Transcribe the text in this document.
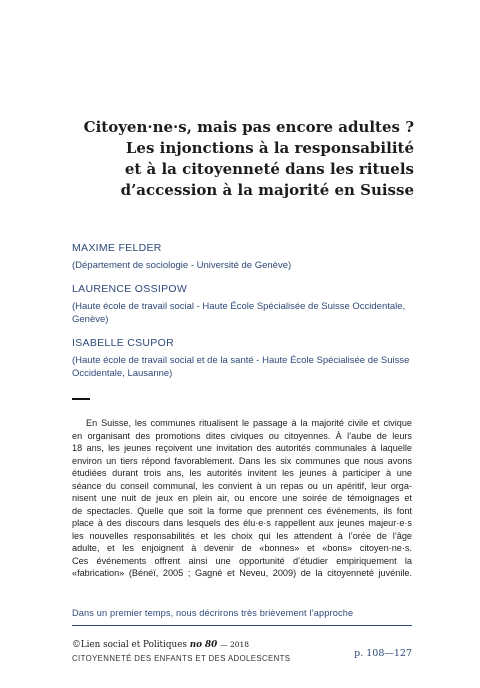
Citoyen·ne·s, mais pas encore adultes ?
Les injonctions à la responsabilité
et à la citoyenneté dans les rituels
d’accession à la majorité en Suisse
MAXIME FELDER
(Département de sociologie - Université de Genève)
LAURENCE OSSIPOW
(Haute école de travail social - Haute École Spécialisée de Suisse Occidentale, Genève)
ISABELLE CSUPOR
(Haute école de travail social et de la santé - Haute École Spécialisée de Suisse Occidentale, Lausanne)
En Suisse, les communes ritualisent le passage à la majorité civile et civique
en organisant des promotions dites civiques ou citoyennes. À l’aube de leurs
18 ans, les jeunes reçoivent une invitation des autorités communales à laquelle
environ un tiers répond favorablement. Dans les six communes que nous avons
étudiées durant trois ans, les autorités invitent les jeunes à participer à une
séance du conseil communal, les convient à un repas ou un apéritif, leur orga-
nisent une nuit de jeux en plein air, ou encore une soirée de témoignages et
de spectacles. Quelle que soit la forme que prennent ces événements, ils font
place à des discours dans lesquels des élu·e·s rappellent aux jeunes majeur·e·s
les nouvelles responsabilités et les choix qui les attendent à l’orée de l’âge
adulte, et les enjoignent à devenir de «bonnes» et «bons» citoyen·ne·s.
Ces événements offrent ainsi une opportunité d’étudier empiriquement la
«fabrication» (Bénéï, 2005 ; Gagné et Neveu, 2009) de la citoyenneté juvénile.
Dans un premier temps, nous décrirons très brièvement l’approche
©Lien social et Politiques no 80 — 2018
CITOYENNETÉ DES ENFANTS ET DES ADOLESCENTS	p. 108—127
